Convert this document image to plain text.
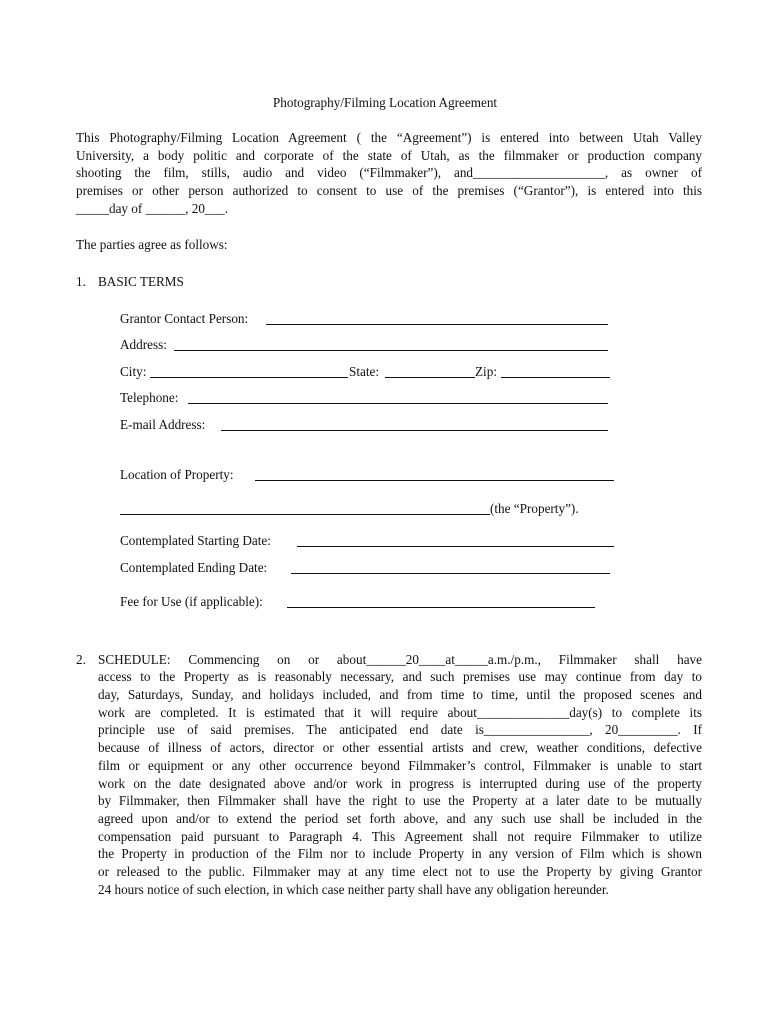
Photography/Filming Location Agreement
This Photography/Filming Location Agreement ( the “Agreement”) is entered into between Utah Valley
University, a body politic and corporate of the state of Utah, as the filmmaker or production company
shooting the film, stills, audio and video (“Filmmaker”), and____________________, as owner of
premises or other person authorized to consent to use of the premises (“Grantor”), is entered into this
_____day of ______, 20___.
The parties agree as follows:
1. BASIC TERMS
Grantor Contact Person:
Address:
City:	State:	Zip:
Telephone:
E-mail Address:
Location of Property:
(the “Property”).
Contemplated Starting Date:
Contemplated Ending Date:
Fee for Use (if applicable):
2. SCHEDULE: Commencing on or about______20____at_____a.m./p.m., Filmmaker shall have
access to the Property as is reasonably necessary, and such premises use may continue from day to
day, Saturdays, Sunday, and holidays included, and from time to time, until the proposed scenes and
work are completed. It is estimated that it will require about______________day(s) to complete its
principle use of said premises. The anticipated end date is________________, 20_________. If
because of illness of actors, director or other essential artists and crew, weather conditions, defective
film or equipment or any other occurrence beyond Filmmaker’s control, Filmmaker is unable to start
work on the date designated above and/or work in progress is interrupted during use of the property
by Filmmaker, then Filmmaker shall have the right to use the Property at a later date to be mutually
agreed upon and/or to extend the period set forth above, and any such use shall be included in the
compensation paid pursuant to Paragraph 4. This Agreement shall not require Filmmaker to utilize
the Property in production of the Film nor to include Property in any version of Film which is shown
or released to the public. Filmmaker may at any time elect not to use the Property by giving Grantor
24 hours notice of such election, in which case neither party shall have any obligation hereunder.
